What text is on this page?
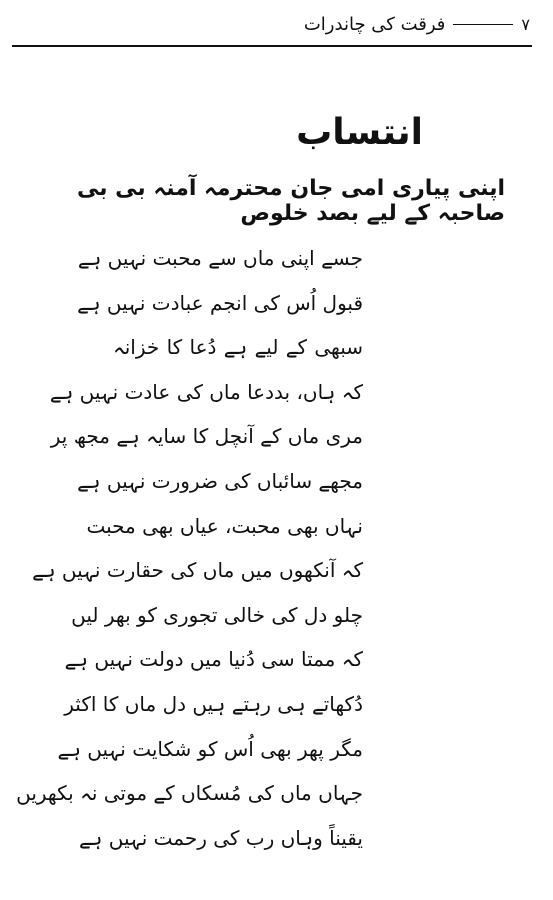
۷
فرقت کی چاندرات
انتساب
اپنی پیاری امی جان محترمہ آمنہ بی بی صاحبہ کے لیے بصد خلوص
جسے اپنی ماں سے محبت نہیں ہے
قبول اُس کی انجم عبادت نہیں ہے
سبھی کے لیے ہے دُعا کا خزانہ
کہ ہاں، بددعا ماں کی عادت نہیں ہے
مری ماں کے آنچل کا سایہ ہے مجھ پر
مجھے سائباں کی ضرورت نہیں ہے
نہاں بھی محبت، عیاں بھی محبت
کہ آنکھوں میں ماں کی حقارت نہیں ہے
چلو دل کی خالی تجوری کو بھر لیں
کہ ممتا سی دُنیا میں دولت نہیں ہے
دُکھاتے ہی رہتے ہیں دل ماں کا اکثر
مگر پھر بھی اُس کو شکایت نہیں ہے
جہاں ماں کی مُسکاں کے موتی نہ بکھریں
یقیناً وہاں رب کی رحمت نہیں ہے
